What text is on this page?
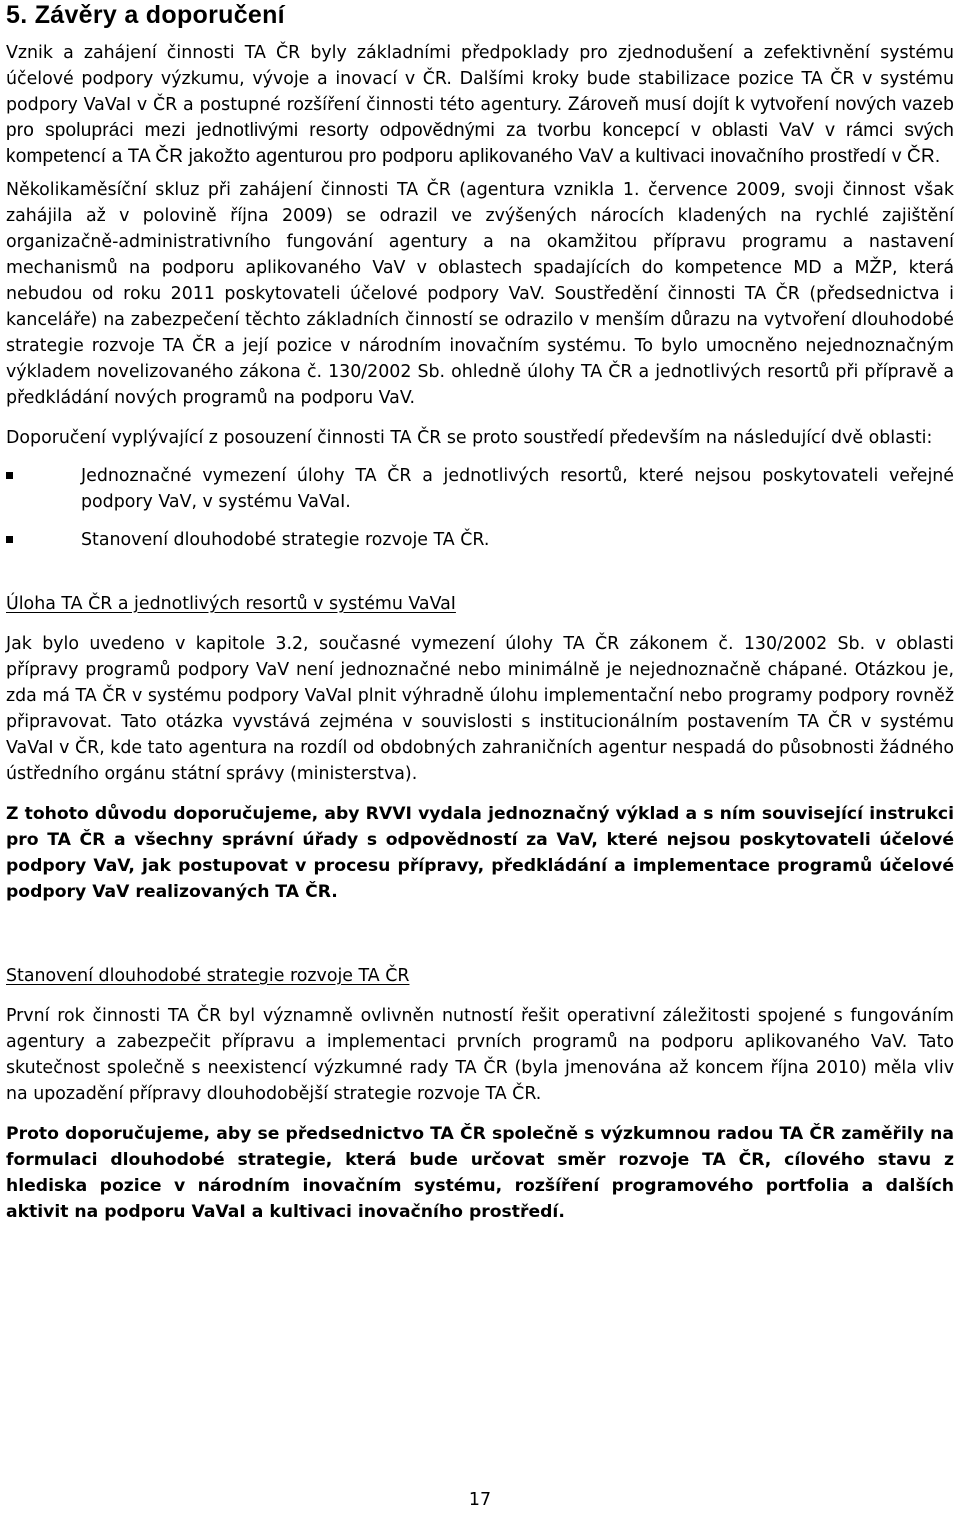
5. Závěry a doporučení

Vznik a zahájení činnosti TA ČR byly základními předpoklady pro zjednodušení a zefektivnění systému účelové podpory výzkumu, vývoje a inovací v ČR. Dalšími kroky bude stabilizace pozice TA ČR v systému podpory VaVaI v ČR a postupné rozšíření činnosti této agentury. Zároveň musí dojít k vytvoření nových vazeb pro spolupráci mezi jednotlivými resorty odpovědnými za tvorbu koncepcí v oblasti VaV v rámci svých kompetencí a TA ČR jakožto agenturou pro podporu aplikovaného VaV a kultivaci inovačního prostředí v ČR.

Několikaměsíční skluz při zahájení činnosti TA ČR (agentura vznikla 1. července 2009, svoji činnost však zahájila až v polovině října 2009) se odrazil ve zvýšených nárocích kladených na rychlé zajištění organizačně-administrativního fungování agentury a na okamžitou přípravu programu a nastavení mechanismů na podporu aplikovaného VaV v oblastech spadajících do kompetence MD a MŽP, která nebudou od roku 2011 poskytovateli účelové podpory VaV. Soustředění činnosti TA ČR (předsednictva i kanceláře) na zabezpečení těchto základních činností se odrazilo v menším důrazu na vytvoření dlouhodobé strategie rozvoje TA ČR a její pozice v národním inovačním systému. To bylo umocněno nejednoznačným výkladem novelizovaného zákona č. 130/2002 Sb. ohledně úlohy TA ČR a jednotlivých resortů při přípravě a předkládání nových programů na podporu VaV.

Doporučení vyplývající z posouzení činnosti TA ČR se proto soustředí především na následující dvě oblasti:

Jednoznačné vymezení úlohy TA ČR a jednotlivých resortů, které nejsou poskytovateli veřejné podpory VaV, v systému VaVaI.
Stanovení dlouhodobé strategie rozvoje TA ČR.

Úloha TA ČR a jednotlivých resortů v systému VaVaI

Jak bylo uvedeno v kapitole 3.2, současné vymezení úlohy TA ČR zákonem č. 130/2002 Sb. v oblasti přípravy programů podpory VaV není jednoznačné nebo minimálně je nejednoznačně chápané. Otázkou je, zda má TA ČR v systému podpory VaVaI plnit výhradně úlohu implementační nebo programy podpory rovněž připravovat. Tato otázka vyvstává zejména v souvislosti s institucionálním postavením TA ČR v systému VaVaI v ČR, kde tato agentura na rozdíl od obdobných zahraničních agentur nespadá do působnosti žádného ústředního orgánu státní správy (ministerstva).

Z tohoto důvodu doporučujeme, aby RVVI vydala jednoznačný výklad a s ním související instrukci pro TA ČR a všechny správní úřady s odpovědností za VaV, které nejsou poskytovateli účelové podpory VaV, jak postupovat v procesu přípravy, předkládání a implementace programů účelové podpory VaV realizovaných TA ČR.

Stanovení dlouhodobé strategie rozvoje TA ČR

První rok činnosti TA ČR byl významně ovlivněn nutností řešit operativní záležitosti spojené s fungováním agentury a zabezpečit přípravu a implementaci prvních programů na podporu aplikovaného VaV. Tato skutečnost společně s neexistencí výzkumné rady TA ČR (byla jmenována až koncem října 2010) měla vliv na upozadění přípravy dlouhodobější strategie rozvoje TA ČR.

Proto doporučujeme, aby se předsednictvo TA ČR společně s výzkumnou radou TA ČR zaměřily na formulaci dlouhodobé strategie, která bude určovat směr rozvoje TA ČR, cílového stavu z hlediska pozice v národním inovačním systému, rozšíření programového portfolia a dalších aktivit na podporu VaVaI a kultivaci inovačního prostředí.

17
